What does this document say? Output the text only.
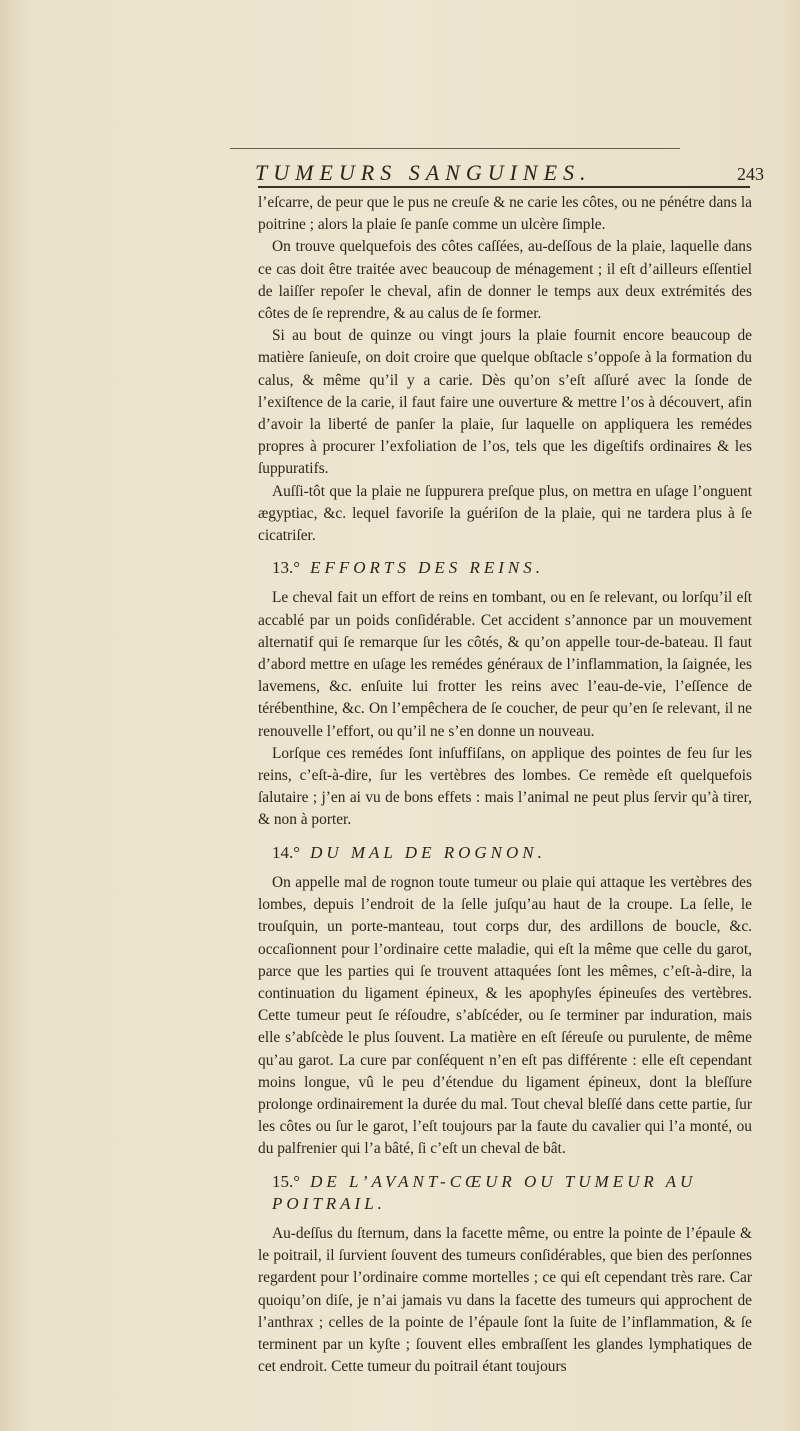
TUMEURS SANGUINES.	243

l’eſcarre, de peur que le pus ne creuſe & ne carie les côtes, ou ne pénétre dans la poitrine ; alors la plaie ſe panſe comme un ulcère ſimple.

On trouve quelquefois des côtes caſſées, au-deſſous de la plaie, laquelle dans ce cas doit être traitée avec beaucoup de ménagement ; il eſt d’ailleurs eſſentiel de laiſſer repoſer le cheval, afin de donner le temps aux deux extrémités des côtes de ſe reprendre, & au calus de ſe former.

Si au bout de quinze ou vingt jours la plaie fournit encore beaucoup de matière ſanieuſe, on doit croire que quelque obſtacle s’oppoſe à la formation du calus, & même qu’il y a carie. Dès qu’on s’eſt aſſuré avec la ſonde de l’exiſtence de la carie, il faut faire une ouverture & mettre l’os à découvert, afin d’avoir la liberté de panſer la plaie, ſur laquelle on appliquera les remédes propres à procurer l’exfoliation de l’os, tels que les digeſtifs ordinaires & les ſuppuratifs.

Auſſi-tôt que la plaie ne ſuppurera preſque plus, on mettra en uſage l’onguent ægyptiac, &c. lequel favoriſe la guériſon de la plaie, qui ne tardera plus à ſe cicatriſer.

13.° EFFORTS DES REINS.

Le cheval fait un effort de reins en tombant, ou en ſe relevant, ou lorſqu’il eſt accablé par un poids conſidérable. Cet accident s’annonce par un mouvement alternatif qui ſe remarque ſur les côtés, & qu’on appelle tour-de-bateau. Il faut d’abord mettre en uſage les remédes généraux de l’inflammation, la ſaignée, les lavemens, &c. enſuite lui frotter les reins avec l’eau-de-vie, l’eſſence de térébenthine, &c. On l’empêchera de ſe coucher, de peur qu’en ſe relevant, il ne renouvelle l’effort, ou qu’il ne s’en donne un nouveau.

Lorſque ces remédes ſont inſuffiſans, on applique des pointes de feu ſur les reins, c’eſt-à-dire, ſur les vertèbres des lombes. Ce remède eſt quelquefois ſalutaire ; j’en ai vu de bons effets : mais l’animal ne peut plus ſervir qu’à tirer, & non à porter.

14.° DU MAL DE ROGNON.

On appelle mal de rognon toute tumeur ou plaie qui attaque les vertèbres des lombes, depuis l’endroit de la ſelle juſqu’au haut de la croupe. La ſelle, le trouſquin, un porte-manteau, tout corps dur, des ardillons de boucle, &c. occaſionnent pour l’ordinaire cette maladie, qui eſt la même que celle du garot, parce que les parties qui ſe trouvent attaquées ſont les mêmes, c’eſt-à-dire, la continuation du ligament épineux, & les apophyſes épineuſes des vertèbres. Cette tumeur peut ſe réſoudre, s’abſcéder, ou ſe terminer par induration, mais elle s’abſcède le plus ſouvent. La matière en eſt ſéreuſe ou purulente, de même qu’au garot. La cure par conſéquent n’en eſt pas différente : elle eſt cependant moins longue, vû le peu d’étendue du ligament épineux, dont la bleſſure prolonge ordinairement la durée du mal. Tout cheval bleſſé dans cette partie, ſur les côtes ou ſur le garot, l’eſt toujours par la faute du cavalier qui l’a monté, ou du palfrenier qui l’a bâté, ſi c’eſt un cheval de bât.

15.° DE L’AVANT-CŒUR OU TUMEUR AU POITRAIL.

Au-deſſus du ſternum, dans la facette même, ou entre la pointe de l’épaule & le poitrail, il ſurvient ſouvent des tumeurs conſidérables, que bien des perſonnes regardent pour l’ordinaire comme mortelles ; ce qui eſt cependant très rare. Car quoiqu’on diſe, je n’ai jamais vu dans la facette des tumeurs qui approchent de l’anthrax ; celles de la pointe de l’épaule ſont la ſuite de l’inflammation, & ſe terminent par un kyſte ; ſouvent elles embraſſent les glandes lymphatiques de cet endroit. Cette tumeur du poitrail étant toujours
